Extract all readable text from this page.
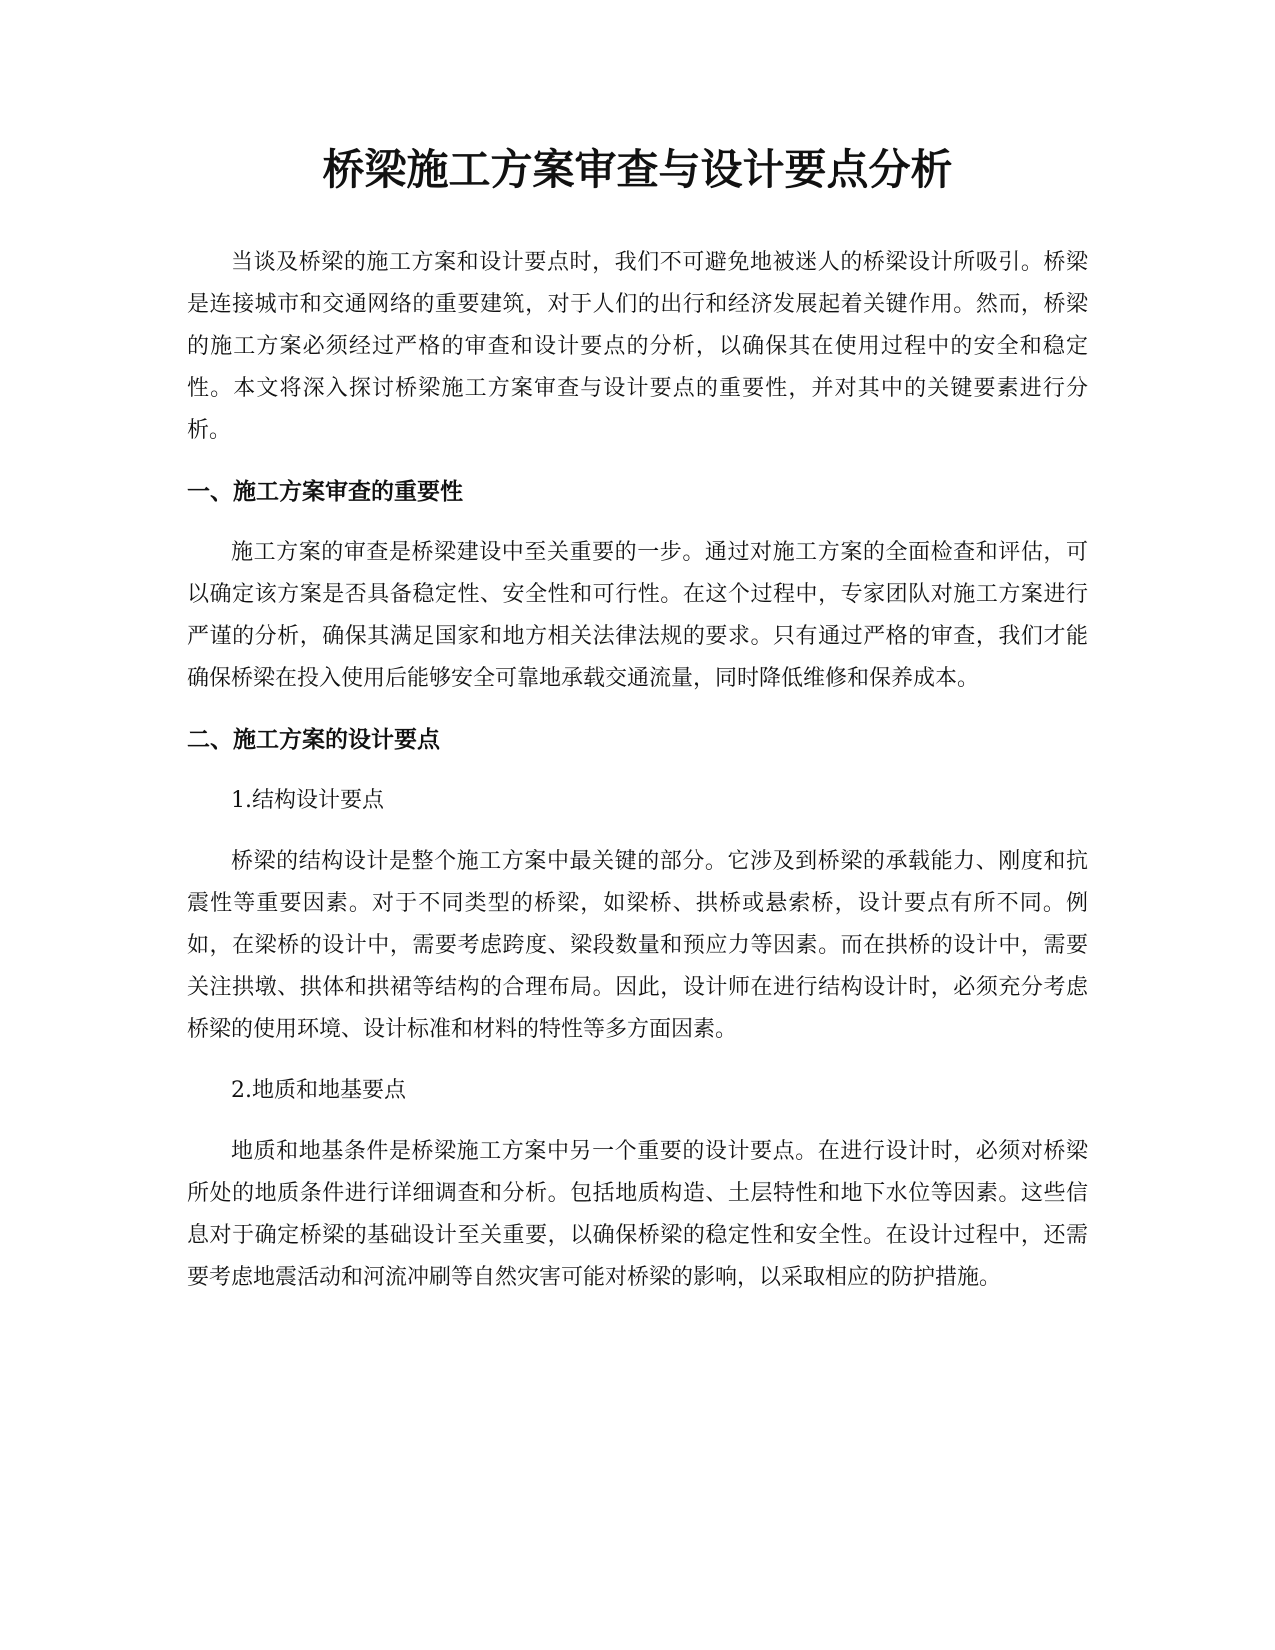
桥梁施工方案审查与设计要点分析

当谈及桥梁的施工方案和设计要点时，我们不可避免地被迷人的桥梁设计所吸引。桥梁是连接城市和交通网络的重要建筑，对于人们的出行和经济发展起着关键作用。然而，桥梁的施工方案必须经过严格的审查和设计要点的分析，以确保其在使用过程中的安全和稳定性。本文将深入探讨桥梁施工方案审查与设计要点的重要性，并对其中的关键要素进行分析。

一、施工方案审查的重要性

施工方案的审查是桥梁建设中至关重要的一步。通过对施工方案的全面检查和评估，可以确定该方案是否具备稳定性、安全性和可行性。在这个过程中，专家团队对施工方案进行严谨的分析，确保其满足国家和地方相关法律法规的要求。只有通过严格的审查，我们才能确保桥梁在投入使用后能够安全可靠地承载交通流量，同时降低维修和保养成本。

二、施工方案的设计要点

1.结构设计要点

桥梁的结构设计是整个施工方案中最关键的部分。它涉及到桥梁的承载能力、刚度和抗震性等重要因素。对于不同类型的桥梁，如梁桥、拱桥或悬索桥，设计要点有所不同。例如，在梁桥的设计中，需要考虑跨度、梁段数量和预应力等因素。而在拱桥的设计中，需要关注拱墩、拱体和拱裙等结构的合理布局。因此，设计师在进行结构设计时，必须充分考虑桥梁的使用环境、设计标准和材料的特性等多方面因素。

2.地质和地基要点

地质和地基条件是桥梁施工方案中另一个重要的设计要点。在进行设计时，必须对桥梁所处的地质条件进行详细调查和分析。包括地质构造、土层特性和地下水位等因素。这些信息对于确定桥梁的基础设计至关重要，以确保桥梁的稳定性和安全性。在设计过程中，还需要考虑地震活动和河流冲刷等自然灾害可能对桥梁的影响，以采取相应的防护措施。
